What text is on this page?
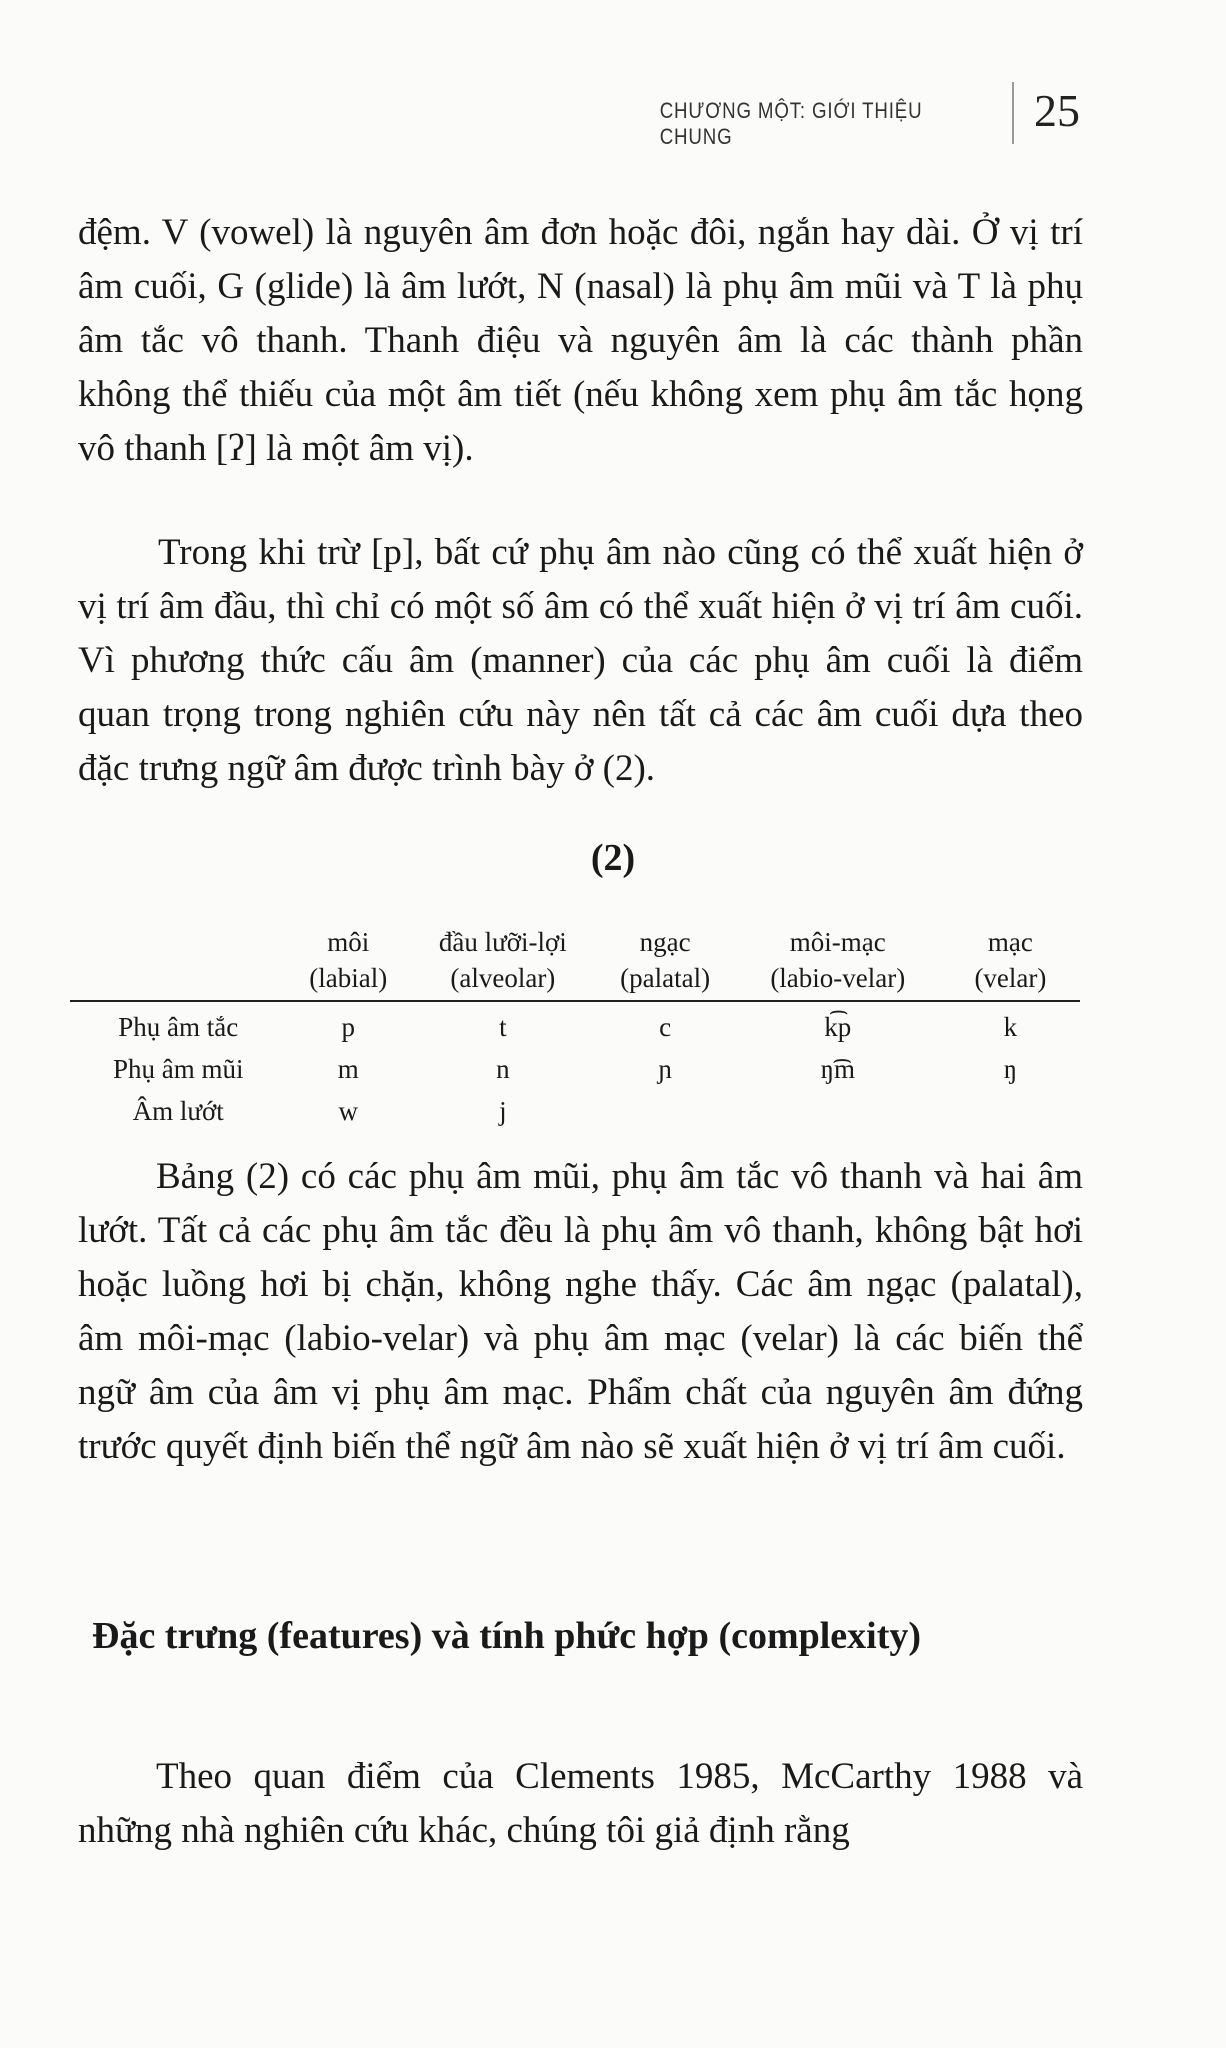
CHƯƠNG MỘT: GIỚI THIỆU CHUNG
25

đệm. V (vowel) là nguyên âm đơn hoặc đôi, ngắn hay dài. Ở vị trí âm cuối, G (glide) là âm lướt, N (nasal) là phụ âm mũi và T là phụ âm tắc vô thanh. Thanh điệu và nguyên âm là các thành phần không thể thiếu của một âm tiết (nếu không xem phụ âm tắc họng vô thanh [ʔ] là một âm vị).

Trong khi trừ [p], bất cứ phụ âm nào cũng có thể xuất hiện ở vị trí âm đầu, thì chỉ có một số âm có thể xuất hiện ở vị trí âm cuối. Vì phương thức cấu âm (manner) của các phụ âm cuối là điểm quan trọng trong nghiên cứu này nên tất cả các âm cuối dựa theo đặc trưng ngữ âm được trình bày ở (2).

(2)
	môi	đầu lưỡi-lợi	ngạc	môi-mạc	mạc
	(labial)	(alveolar)	(palatal)	(labio-velar)	(velar)
Phụ âm tắc	p	t	c	k͡p	k
Phụ âm mũi	m	n	ɲ	ŋ͡m	ŋ
Âm lướt	w	j			

Bảng (2) có các phụ âm mũi, phụ âm tắc vô thanh và hai âm lướt. Tất cả các phụ âm tắc đều là phụ âm vô thanh, không bật hơi hoặc luồng hơi bị chặn, không nghe thấy. Các âm ngạc (palatal), âm môi-mạc (labio-velar) và phụ âm mạc (velar) là các biến thể ngữ âm của âm vị phụ âm mạc. Phẩm chất của nguyên âm đứng trước quyết định biến thể ngữ âm nào sẽ xuất hiện ở vị trí âm cuối.

Đặc trưng (features) và tính phức hợp (complexity)

Theo quan điểm của Clements 1985, McCarthy 1988 và những nhà nghiên cứu khác, chúng tôi giả định rằng
